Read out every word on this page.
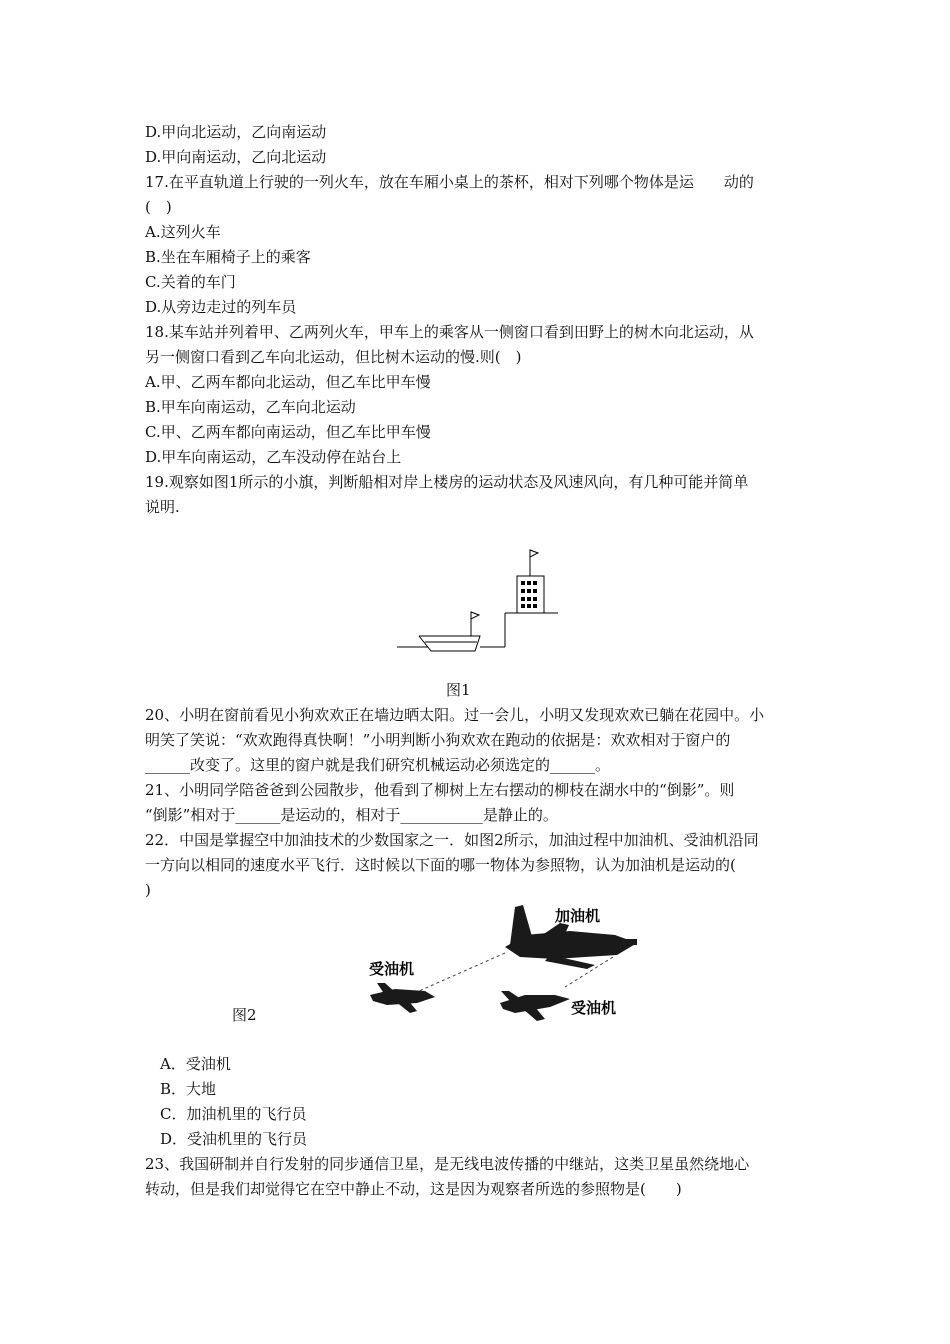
D.甲向北运动，乙向南运动
D.甲向南运动，乙向北运动
17.在平直轨道上行驶的一列火车，放在车厢小桌上的茶杯，相对下列哪个物体是运　　动的
(　)
A.这列火车
B.坐在车厢椅子上的乘客
C.关着的车门
D.从旁边走过的列车员
18.某车站并列着甲、乙两列火车，甲车上的乘客从一侧窗口看到田野上的树木向北运动，从
另一侧窗口看到乙车向北运动，但比树木运动的慢.则(　)
A.甲、乙两车都向北运动，但乙车比甲车慢
B.甲车向南运动，乙车向北运动
C.甲、乙两车都向南运动，但乙车比甲车慢
D.甲车向南运动，乙车没动停在站台上
19.观察如图1所示的小旗，判断船相对岸上楼房的运动状态及风速风向，有几种可能并简单
说明.
图1
20、小明在窗前看见小狗欢欢正在墙边晒太阳。过一会儿，小明又发现欢欢已躺在花园中。小
明笑了笑说：“欢欢跑得真快啊！”小明判断小狗欢欢在跑动的依据是：欢欢相对于窗户的
______改变了。这里的窗户就是我们研究机械运动必须选定的______。
21、小明同学陪爸爸到公园散步，他看到了柳树上左右摆动的柳枝在湖水中的“倒影”。则
“倒影”相对于______是运动的，相对于___________是静止的。
22．中国是掌握空中加油技术的少数国家之一．如图2所示，加油过程中加油机、受油机沿同
一方向以相同的速度水平飞行．这时候以下面的哪一物体为参照物，认为加油机是运动的(
)
加油机
受油机
受油机
图2
A．受油机
B．大地
C．加油机里的飞行员
D．受油机里的飞行员
23、我国研制并自行发射的同步通信卫星，是无线电波传播的中继站，这类卫星虽然绕地心
转动，但是我们却觉得它在空中静止不动，这是因为观察者所选的参照物是(　　)
